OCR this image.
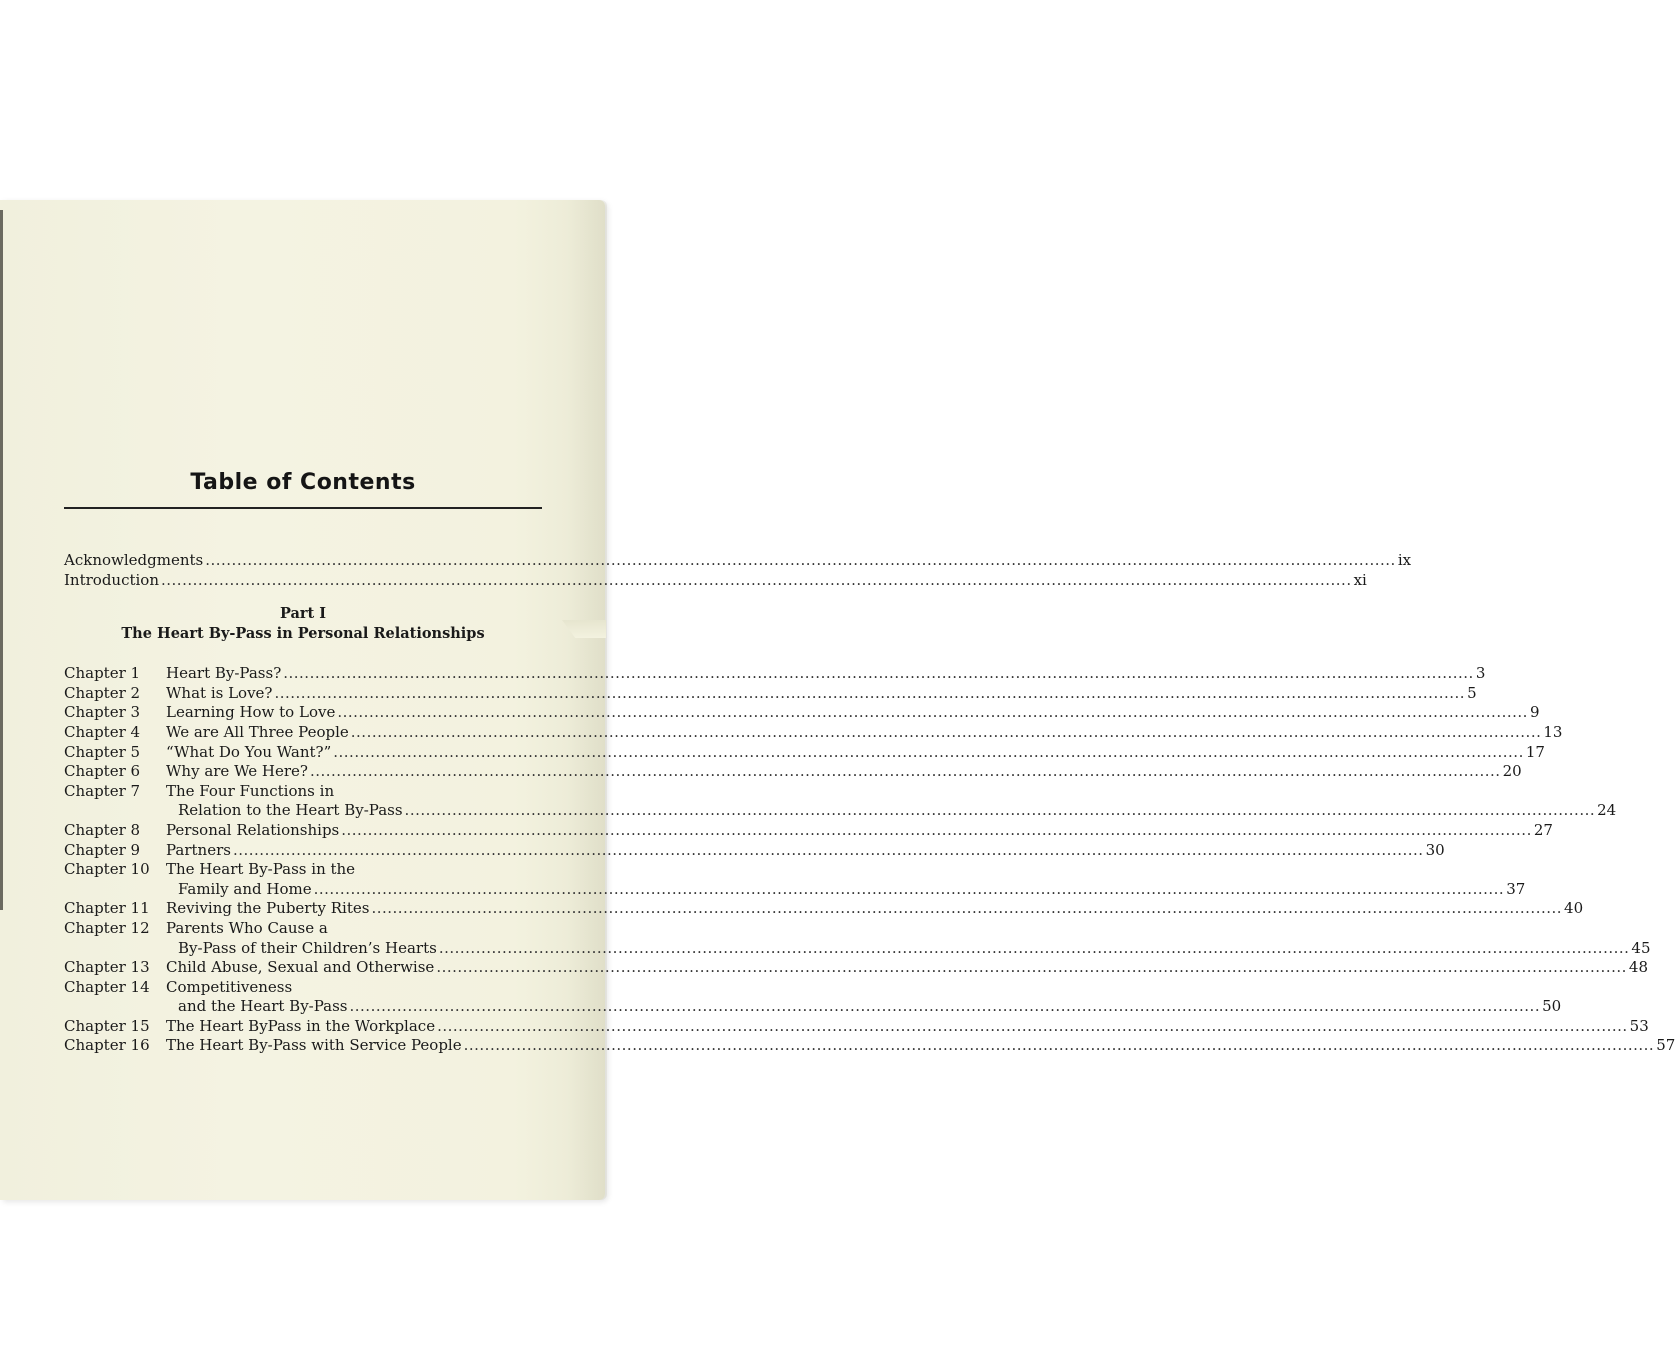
Table of Contents
Acknowledgments .....	ix
Introduction .....	xi
Part I
The Heart By-Pass in Personal Relationships
Chapter 1	Heart By-Pass? .....	3
Chapter 2	What is Love? .....	5
Chapter 3	Learning How to Love .....	9
Chapter 4	We are All Three People .....	13
Chapter 5	“What Do You Want?” .....	17
Chapter 6	Why are We Here? .....	20
Chapter 7	The Four Functions in
Relation to the Heart By-Pass .....	24
Chapter 8	Personal Relationships .....	27
Chapter 9	Partners .....	30
Chapter 10	The Heart By-Pass in the
Family and Home .....	37
Chapter 11	Reviving the Puberty Rites .....	40
Chapter 12	Parents Who Cause a
By-Pass of their Children’s Hearts .....	45
Chapter 13	Child Abuse, Sexual and Otherwise .....	48
Chapter 14	Competitiveness
and the Heart By-Pass .....	50
Chapter 15	The Heart ByPass in the Workplace .....	53
Chapter 16	The Heart By-Pass with Service People .....	57
